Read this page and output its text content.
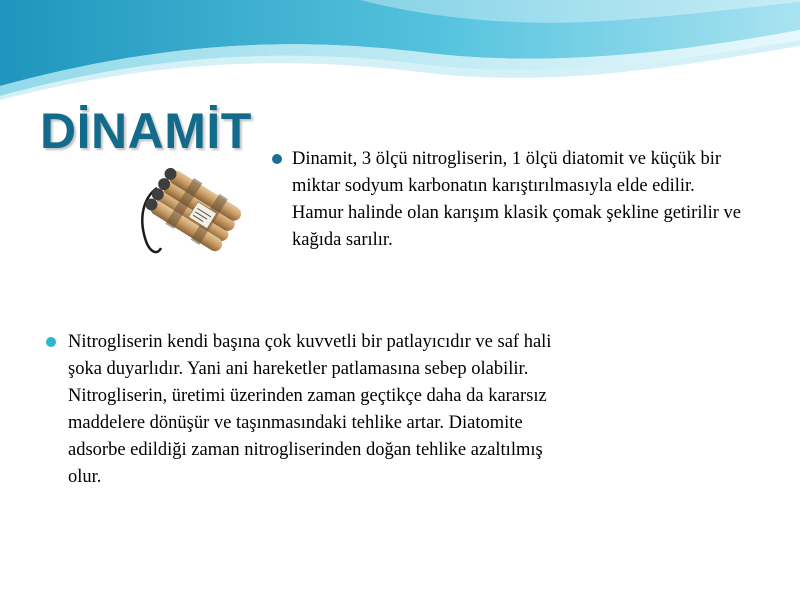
DİNAMİT Dinamit, 3 ölçü nitrogliserin, 1 ölçü diatomit ve küçük bir miktar sodyum karbonatın karıştırılmasıyla elde edilir. Hamur halinde olan karışım klasik çomak şekline getirilir ve kağıda sarılır.

Nitrogliserin kendi başına çok kuvvetli bir patlayıcıdır ve saf hali şoka duyarlıdır. Yani ani hareketler patlamasına sebep olabilir. Nitrogliserin, üretimi üzerinden zaman geçtikçe daha da kararsız maddelere dönüşür ve taşınmasındaki tehlike artar. Diatomite adsorbe edildiği zaman nitrogliserinden doğan tehlike azaltılmış olur.
